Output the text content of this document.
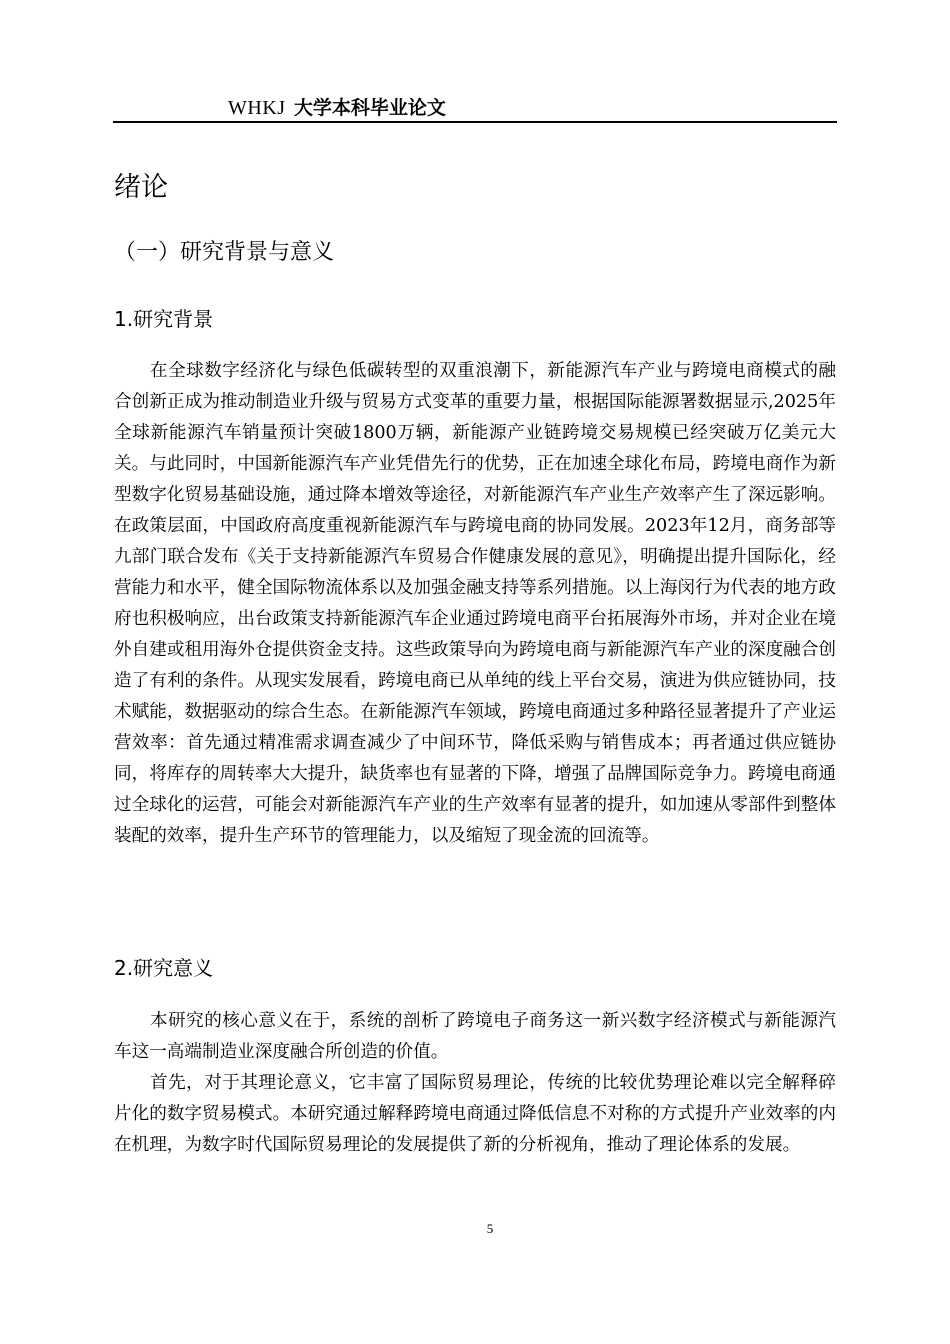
WHKJ 大学本科毕业论文
绪论
（一）研究背景与意义
1.研究背景

在全球数字经济化与绿色低碳转型的双重浪潮下，新能源汽车产业与跨境电商模式的融合创新正成为推动制造业升级与贸易方式变革的重要力量，根据国际能源署数据显示,2025年全球新能源汽车销量预计突破1800万辆，新能源产业链跨境交易规模已经突破万亿美元大关。与此同时，中国新能源汽车产业凭借先行的优势，正在加速全球化布局，跨境电商作为新型数字化贸易基础设施，通过降本增效等途径，对新能源汽车产业生产效率产生了深远影响。在政策层面，中国政府高度重视新能源汽车与跨境电商的协同发展。2023年12月，商务部等九部门联合发布《关于支持新能源汽车贸易合作健康发展的意见》，明确提出提升国际化，经营能力和水平，健全国际物流体系以及加强金融支持等系列措施。以上海闵行为代表的地方政府也积极响应，出台政策支持新能源汽车企业通过跨境电商平台拓展海外市场，并对企业在境外自建或租用海外仓提供资金支持。这些政策导向为跨境电商与新能源汽车产业的深度融合创造了有利的条件。从现实发展看，跨境电商已从单纯的线上平台交易，演进为供应链协同，技术赋能，数据驱动的综合生态。在新能源汽车领域，跨境电商通过多种路径显著提升了产业运营效率：首先通过精准需求调查减少了中间环节，降低采购与销售成本；再者通过供应链协同，将库存的周转率大大提升，缺货率也有显著的下降，增强了品牌国际竞争力。跨境电商通过全球化的运营，可能会对新能源汽车产业的生产效率有显著的提升，如加速从零部件到整体装配的效率，提升生产环节的管理能力，以及缩短了现金流的回流等。

2.研究意义

本研究的核心意义在于，系统的剖析了跨境电子商务这一新兴数字经济模式与新能源汽车这一高端制造业深度融合所创造的价值。

首先，对于其理论意义，它丰富了国际贸易理论，传统的比较优势理论难以完全解释碎片化的数字贸易模式。本研究通过解释跨境电商通过降低信息不对称的方式提升产业效率的内在机理，为数字时代国际贸易理论的发展提供了新的分析视角，推动了理论体系的发展。

5
